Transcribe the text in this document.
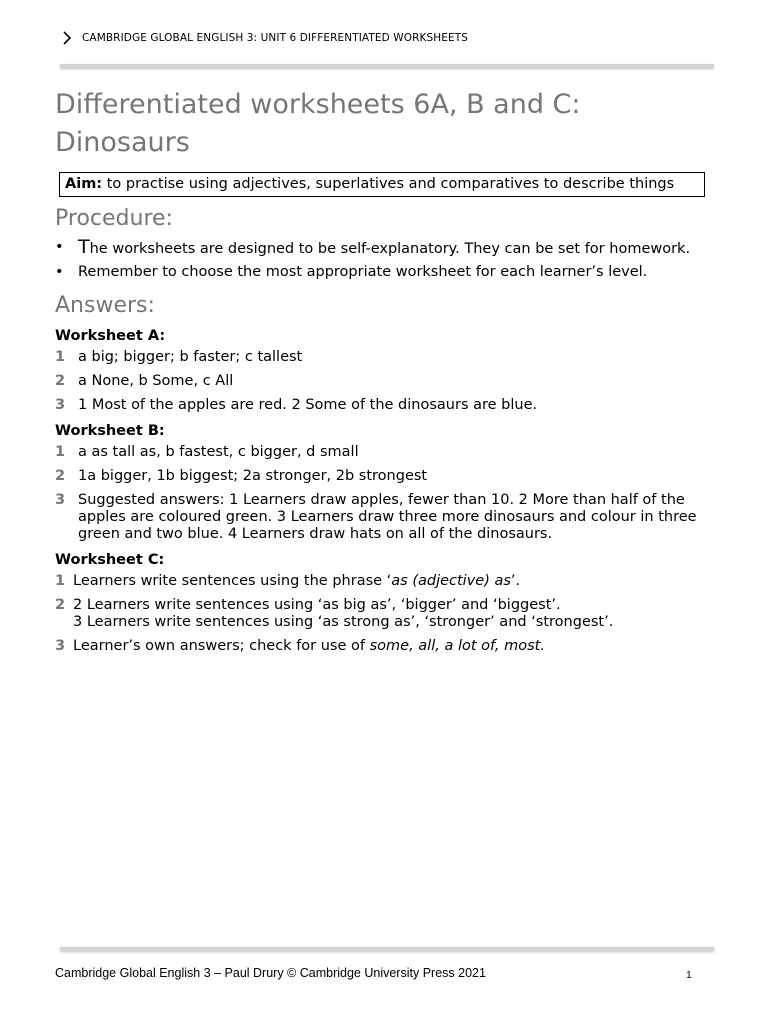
CAMBRIDGE GLOBAL ENGLISH 3: UNIT 6 DIFFERENTIATED WORKSHEETS
Differentiated worksheets 6A, B and C:
Dinosaurs
Aim: to practise using adjectives, superlatives and comparatives to describe things
Procedure:
• The worksheets are designed to be self-explanatory. They can be set for homework.
• Remember to choose the most appropriate worksheet for each learner’s level.
Answers:
Worksheet A:
1 a big; bigger; b faster; c tallest
2 a None, b Some, c All
3 1 Most of the apples are red. 2 Some of the dinosaurs are blue.
Worksheet B:
1 a as tall as, b fastest, c bigger, d small
2 1a bigger, 1b biggest; 2a stronger, 2b strongest
3 Suggested answers: 1 Learners draw apples, fewer than 10. 2 More than half of the
apples are coloured green. 3 Learners draw three more dinosaurs and colour in three
green and two blue. 4 Learners draw hats on all of the dinosaurs.
Worksheet C:
1 Learners write sentences using the phrase ‘as (adjective) as’.
2 2 Learners write sentences using ‘as big as’, ‘bigger’ and ‘biggest’.
3 Learners write sentences using ‘as strong as’, ‘stronger’ and ‘strongest’.
3 Learner’s own answers; check for use of some, all, a lot of, most.
Cambridge Global English 3 – Paul Drury © Cambridge University Press 2021	1
